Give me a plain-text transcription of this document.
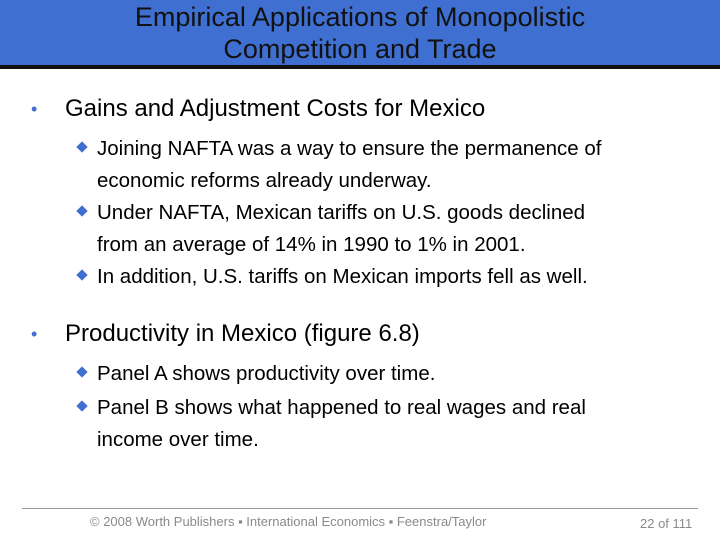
Empirical Applications of Monopolistic
Competition and Trade
• Gains and Adjustment Costs for Mexico
Joining NAFTA was a way to ensure the permanence of
economic reforms already underway.
Under NAFTA, Mexican tariffs on U.S. goods declined
from an average of 14% in 1990 to 1% in 2001.
In addition, U.S. tariffs on Mexican imports fell as well.
• Productivity in Mexico (figure 6.8)
Panel A shows productivity over time.
Panel B shows what happened to real wages and real
income over time.
© 2008 Worth Publishers ▪ International Economics ▪ Feenstra/Taylor	22 of 111
